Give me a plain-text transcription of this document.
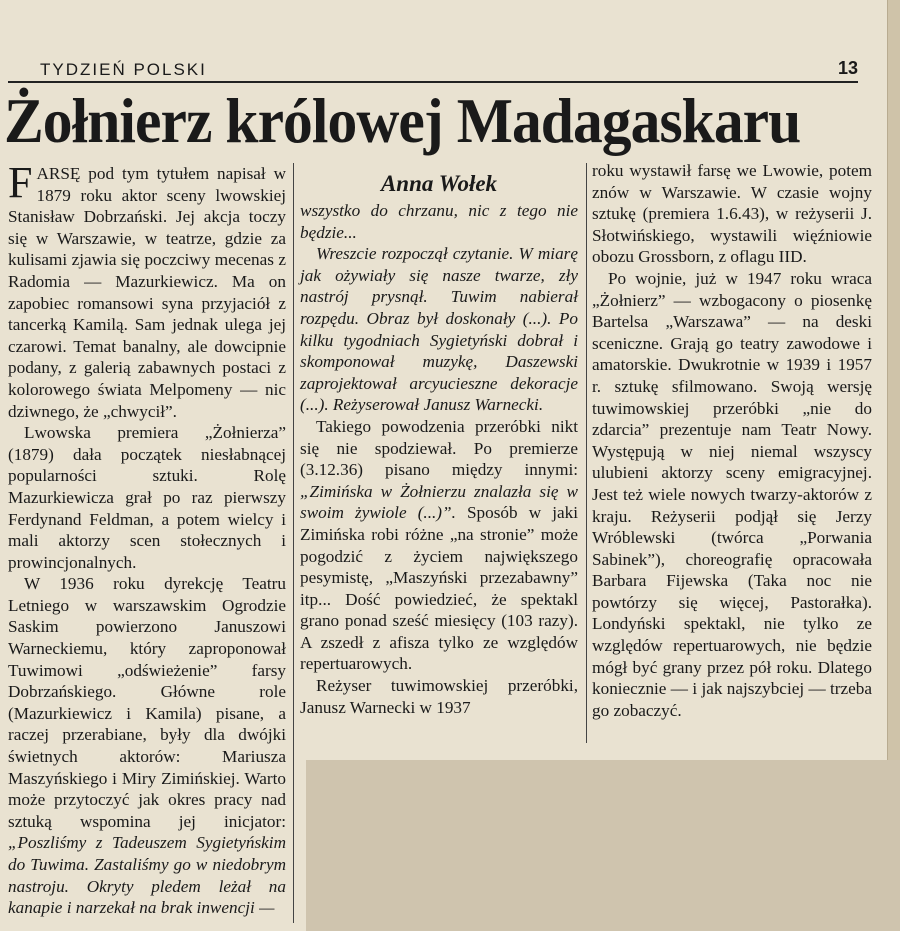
TYDZIEŃ POLSKI	13
Żołnierz królowej Madagaskaru

FARSĘ pod tym tytułem napisał w 1879 roku aktor sceny lwowskiej Stanisław Dobrzański. Jej akcja toczy się w Warszawie, w teatrze, gdzie za kulisami zjawia się poczciwy mecenas z Radomia — Mazurkiewicz. Ma on zapobiec romansowi syna przyjaciół z tancerką Kamilą. Sam jednak ulega jej czarowi. Temat banalny, ale dowcipnie podany, z galerią zabawnych postaci z kolorowego świata Melpomeny — nic dziwnego, że „chwycił”.

Lwowska premiera „Żołnierza” (1879) dała początek niesłabnącej popularności sztuki. Rolę Mazurkiewicza grał po raz pierwszy Ferdynand Feldman, a potem wielcy i mali aktorzy scen stołecznych i prowincjonalnych.

W 1936 roku dyrekcję Teatru Letniego w warszawskim Ogrodzie Saskim powierzono Januszowi Warneckiemu, który zaproponował Tuwimowi „odświeżenie” farsy Dobrzańskiego. Główne role (Mazurkiewicz i Kamila) pisane, a raczej przerabiane, były dla dwójki świetnych aktorów: Mariusza Maszyńskiego i Miry Zimińskiej. Warto może przytoczyć jak okres pracy nad sztuką wspomina jej inicjator: „Poszliśmy z Tadeuszem Sygietyńskim do Tuwima. Zastaliśmy go w niedobrym nastroju. Okryty pledem leżał na kanapie i narzekał na brak inwencji —

Anna Wołek

wszystko do chrzanu, nic z tego nie będzie...

Wreszcie rozpoczął czytanie. W miarę jak ożywiały się nasze twarze, zły nastrój prysnął. Tuwim nabierał rozpędu. Obraz był doskonały (...). Po kilku tygodniach Sygietyński dobrał i skomponował muzykę, Daszewski zaprojektował arcyucieszne dekoracje (...). Reżyserował Janusz Warnecki.

Takiego powodzenia przeróbki nikt się nie spodziewał. Po premierze (3.12.36) pisano między innymi: „Zimińska w Żołnierzu znalazła się w swoim żywiole (...)”. Sposób w jaki Zimińska robi różne „na stronie” może pogodzić z życiem największego pesymistę, „Maszyński przezabawny” itp... Dość powiedzieć, że spektakl grano ponad sześć miesięcy (103 razy). A zszedł z afisza tylko ze względów repertuarowych.

Reżyser tuwimowskiej przeróbki, Janusz Warnecki w 1937

roku wystawił farsę we Lwowie, potem znów w Warszawie. W czasie wojny sztukę (premiera 1.6.43), w reżyserii J. Słotwińskiego, wystawili więźniowie obozu Grossborn, z oflagu IID.

Po wojnie, już w 1947 roku wraca „Żołnierz” — wzbogacony o piosenkę Bartelsa „Warszawa” — na deski sceniczne. Grają go teatry zawodowe i amatorskie. Dwukrotnie w 1939 i 1957 r. sztukę sfilmowano. Swoją wersję tuwimowskiej przeróbki „nie do zdarcia” prezentuje nam Teatr Nowy. Występują w niej niemal wszyscy ulubieni aktorzy sceny emigracyjnej. Jest też wiele nowych twarzy-aktorów z kraju. Reżyserii podjął się Jerzy Wróblewski (twórca „Porwania Sabinek”), choreografię opracowała Barbara Fijewska (Taka noc nie powtórzy się więcej, Pastorałka). Londyński spektakl, nie tylko ze względów repertuarowych, nie będzie mógł być grany przez pół roku. Dlatego koniecznie — i jak najszybciej — trzeba go zobaczyć.
